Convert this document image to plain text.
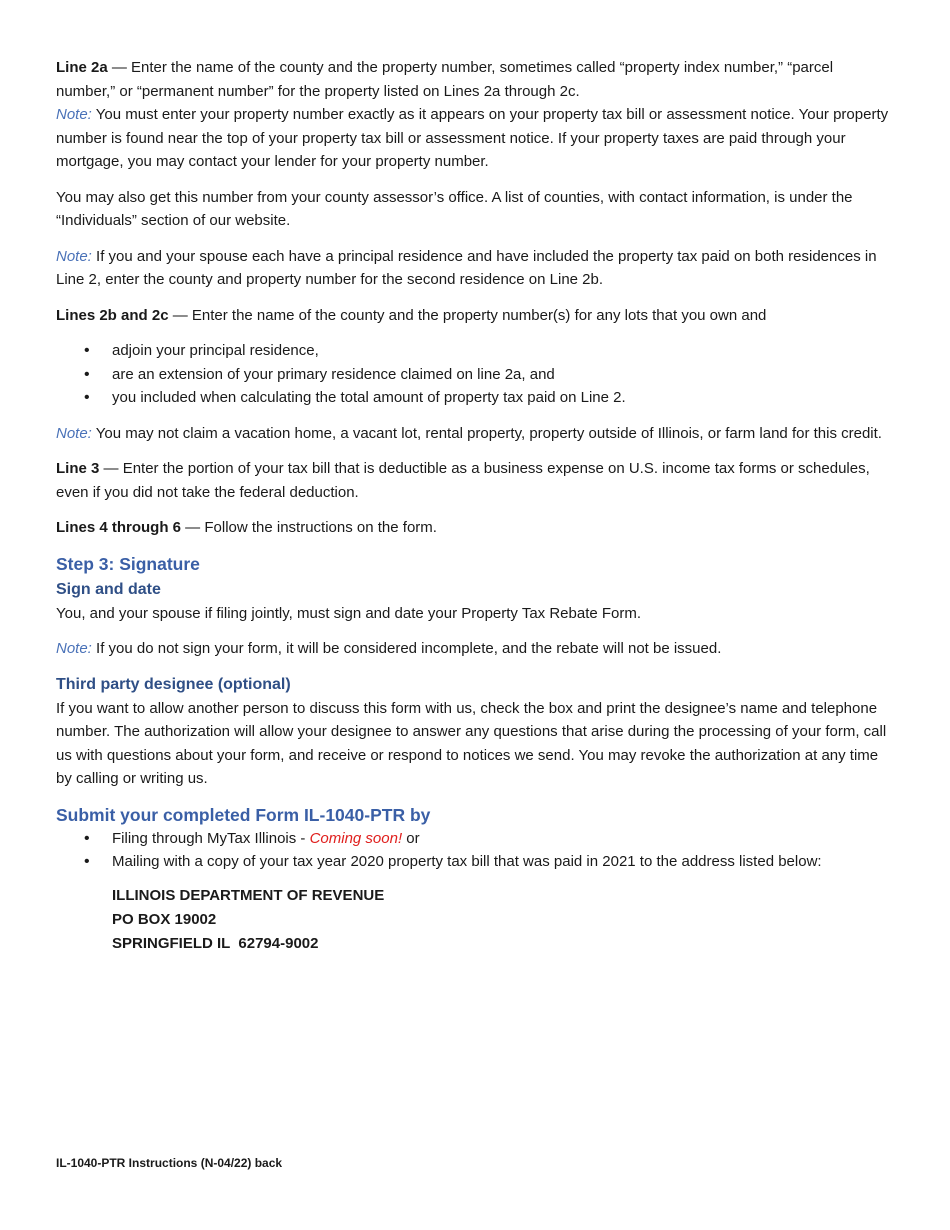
Line 2a — Enter the name of the county and the property number, sometimes called “property index number,” “parcel number,” or “permanent number” for the property listed on Lines 2a through 2c.

Note: You must enter your property number exactly as it appears on your property tax bill or assessment notice. Your property number is found near the top of your property tax bill or assessment notice. If your property taxes are paid through your mortgage, you may contact your lender for your property number.

You may also get this number from your county assessor’s office. A list of counties, with contact information, is under the “Individuals” section of our website.

Note: If you and your spouse each have a principal residence and have included the property tax paid on both residences in Line 2, enter the county and property number for the second residence on Line 2b.

Lines 2b and 2c — Enter the name of the county and the property number(s) for any lots that you own and

• adjoin your principal residence,
• are an extension of your primary residence claimed on line 2a, and
• you included when calculating the total amount of property tax paid on Line 2.

Note: You may not claim a vacation home, a vacant lot, rental property, property outside of Illinois, or farm land for this credit.

Line 3 — Enter the portion of your tax bill that is deductible as a business expense on U.S. income tax forms or schedules, even if you did not take the federal deduction.

Lines 4 through 6 — Follow the instructions on the form.

Step 3: Signature
Sign and date

You, and your spouse if filing jointly, must sign and date your Property Tax Rebate Form.

Note: If you do not sign your form, it will be considered incomplete, and the rebate will not be issued.

Third party designee (optional)

If you want to allow another person to discuss this form with us, check the box and print the designee’s name and telephone number. The authorization will allow your designee to answer any questions that arise during the processing of your form, call us with questions about your form, and receive or respond to notices we send. You may revoke the authorization at any time by calling or writing us.

Submit your completed Form IL-1040-PTR by
• Filing through MyTax Illinois - Coming soon! or
• Mailing with a copy of your tax year 2020 property tax bill that was paid in 2021 to the address listed below:
ILLINOIS DEPARTMENT OF REVENUE
PO BOX 19002
SPRINGFIELD IL  62794-9002
IL-1040-PTR Instructions (N-04/22) back
